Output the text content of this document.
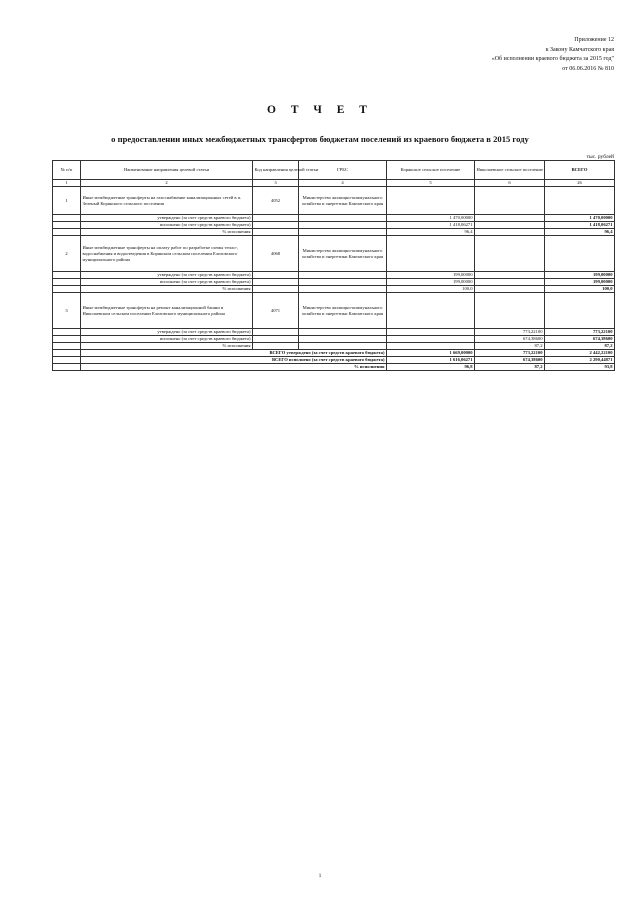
Приложение 12
к Закону Камчатского края
«Об исполнении краевого бюджета за 2015 год"
от 06.06.2016 № 810
О Т Ч Е Т
о предоставлении иных межбюджетных трансфертов бюджетам поселений из краевого бюджета в 2015 году
тыс. рублей
№ п/п	Наименование направления целевой статьи	Код направления целевой статьи	ГРБС	Корякское сельское поселение	Николаевское сельское поселение	ВСЕГО
1	2	3	4	5	6	26
1	Иные межбюджетные трансферты на газоснабжение канализационных сетей в п. Зеленый Корякского сельского поселения	4052	Министерство жилищно-коммунального хозяйства и энергетики Камчатского края			
	утверждено (за счет средств краевого бюджета)			1 470,00000		1 470,00000
	исполнено (за счет средств краевого бюджета)			1 418,06271		1 418,06271
	% исполнения			96,4		96,4
2	Иные межбюджетные трансферты на оплату работ по разработке схемы тепло-, водоснабжения и водоотведения в Корякском сельском поселении Елизовского муниципального района	4068	Министерство жилищно-коммунального хозяйства и энергетики Камчатского края			
	утверждено (за счет средств краевого бюджета)			199,00000		199,00000
	исполнено (за счет средств краевого бюджета)			199,00000		199,00000
	% исполнения			100,0		100,0
3	Иные межбюджетные трансферты на ремонт канализационной башни в Николаевском сельском поселении Елизовского муниципального района	4071	Министерство жилищно-коммунального хозяйства и энергетики Камчатского края			
	утверждено (за счет средств краевого бюджета)				773,22100	773,22100
	исполнено (за счет средств краевого бюджета)				674,38600	674,38600
	% исполнения				87,2	87,2
	ВСЕГО утверждено (за счет средств краевого бюджета)			1 669,00000	773,22100	2 442,22100
	ВСЕГО исполнено (за счет средств краевого бюджета)			1 616,06271	674,38600	2 290,44871
	% исполнения			96,8	87,2	93,8
1
